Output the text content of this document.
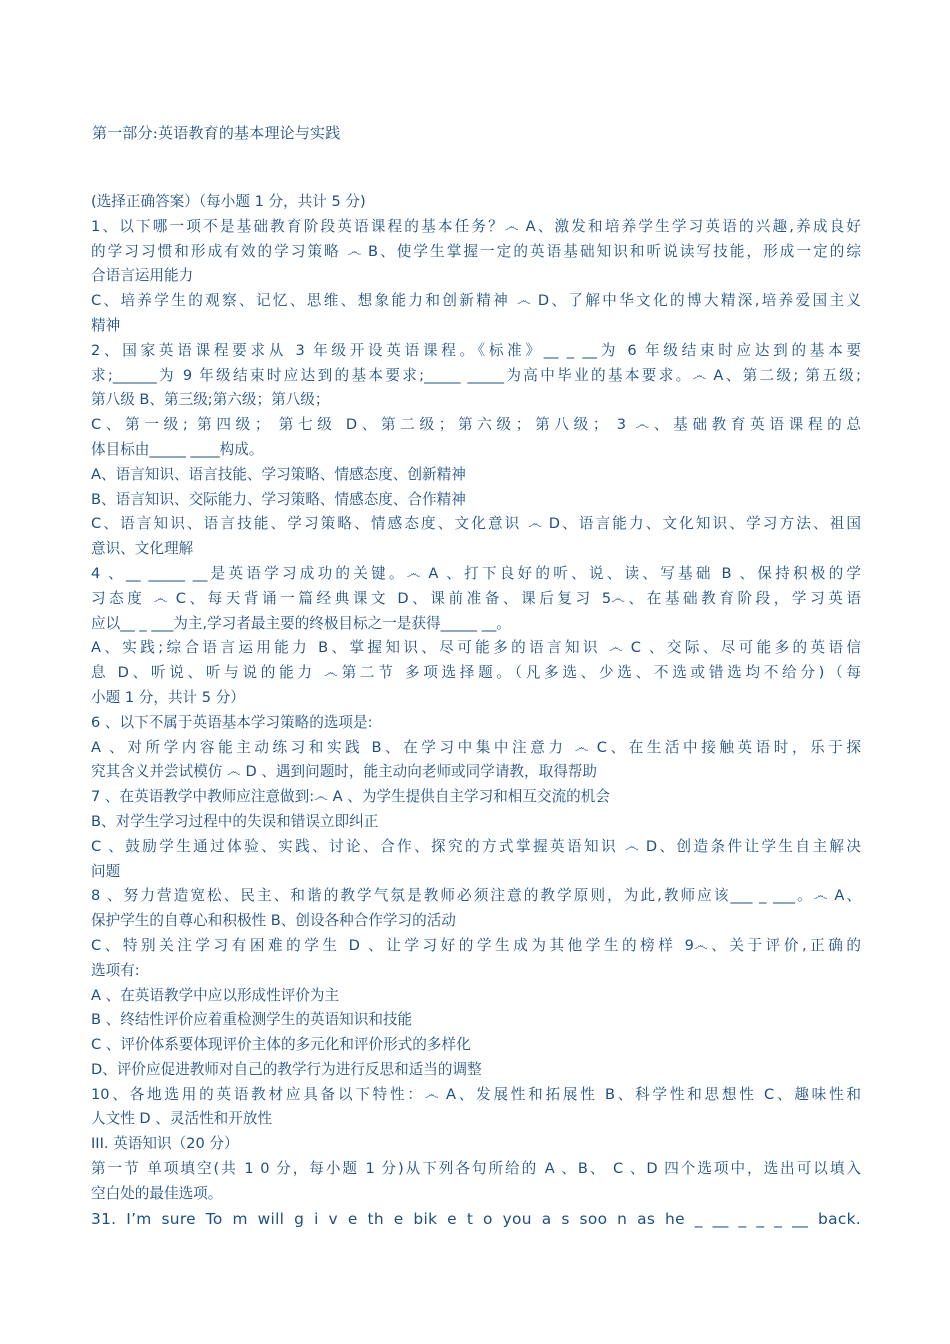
第一部分:英语教育的基本理论与实践
(选择正确答案）（每小题 1 分，共计 5 分)
1、以下哪一项不是基础教育阶段英语课程的基本任务？෴ A、激发和培养学生学习英语的兴趣,养成良好
的学习习惯和形成有效的学习策略 ෴ B、使学生掌握一定的英语基础知识和听说读写技能，形成一定的综
合语言运用能力
C、培养学生的观察、记忆、思维、想象能力和创新精神 ෴ D、了解中华文化的博大精深,培养爱国主义
精神
2、国家英语课程要求从 3 年级开设英语课程。《标准》__ _ __为 6 年级结束时应达到的基本要
求;______为 9 年级结束时应达到的基本要求;_____ _____为高中毕业的基本要求。෴ A、第二级; 第五级;
第八级 B、第三级;第六级；第八级；
C、第一级; 第四级； 第七级 D、第二级；第六级；第八级； 3 ෴、基础教育英语课程的总
体目标由_____ ____构成。
A、语言知识、语言技能、学习策略、情感态度、创新精神
B、语言知识、交际能力、学习策略、情感态度、合作精神
C、语言知识、语言技能、学习策略、情感态度、文化意识 ෴ D、语言能力、文化知识、学习方法、祖国
意识、文化理解
4 、__ _____ __是英语学习成功的关键。෴ A 、打下良好的听、说、读、写基础 B 、保持积极的学
习态度 ෴ C、每天背诵一篇经典课文 D、课前准备、课后复习 5෴、在基础教育阶段，学习英语
应以__ _ ___为主,学习者最主要的终极目标之一是获得_____ __。
A、实践;综合语言运用能力 B、掌握知识、尽可能多的语言知识 ෴ C 、交际、尽可能多的英语信
息 D、听说、听与说的能力 ෴第二节 多项选择题。（凡多选、少选、不选或错选均不给分)（每
小题 1 分，共计 5 分）
6 、以下不属于英语基本学习策略的选项是:
A 、对所学内容能主动练习和实践 B、在学习中集中注意力 ෴ C、在生活中接触英语时，乐于探
究其含义并尝试模仿 ෴ D 、遇到问题时，能主动向老师或同学请教，取得帮助
7 、在英语教学中教师应注意做到:෴ A 、为学生提供自主学习和相互交流的机会
B、对学生学习过程中的失误和错误立即纠正
C 、鼓励学生通过体验、实践、讨论、合作、探究的方式掌握英语知识 ෴ D、创造条件让学生自主解决
问题
8 、努力营造宽松、民主、和谐的教学气氛是教师必须注意的教学原则，为此,教师应该___ _ ___。෴ A、
保护学生的自尊心和积极性 B、创设各种合作学习的活动
C、特别关注学习有困难的学生 D 、让学习好的学生成为其他学生的榜样 9෴、关于评价,正确的
选项有:
A 、在英语教学中应以形成性评价为主
B 、终结性评价应着重检测学生的英语知识和技能
C 、评价体系要体现评价主体的多元化和评价形式的多样化
D、评价应促进教师对自己的教学行为进行反思和适当的调整
10、各地选用的英语教材应具备以下特性：෴ A、发展性和拓展性 B、科学性和思想性 C、趣味性和
人文性 D 、灵活性和开放性
III. 英语知识（20 分）
第一节 单项填空(共 1 0 分，每小题 1 分)从下列各句所给的 A 、B、 C 、D 四个选项中，选出可以填入
空白处的最佳选项。
31. I’m sure To m will g i v e th e bik e t o you a s soo n as he _ __ _ _ _ __ back.
